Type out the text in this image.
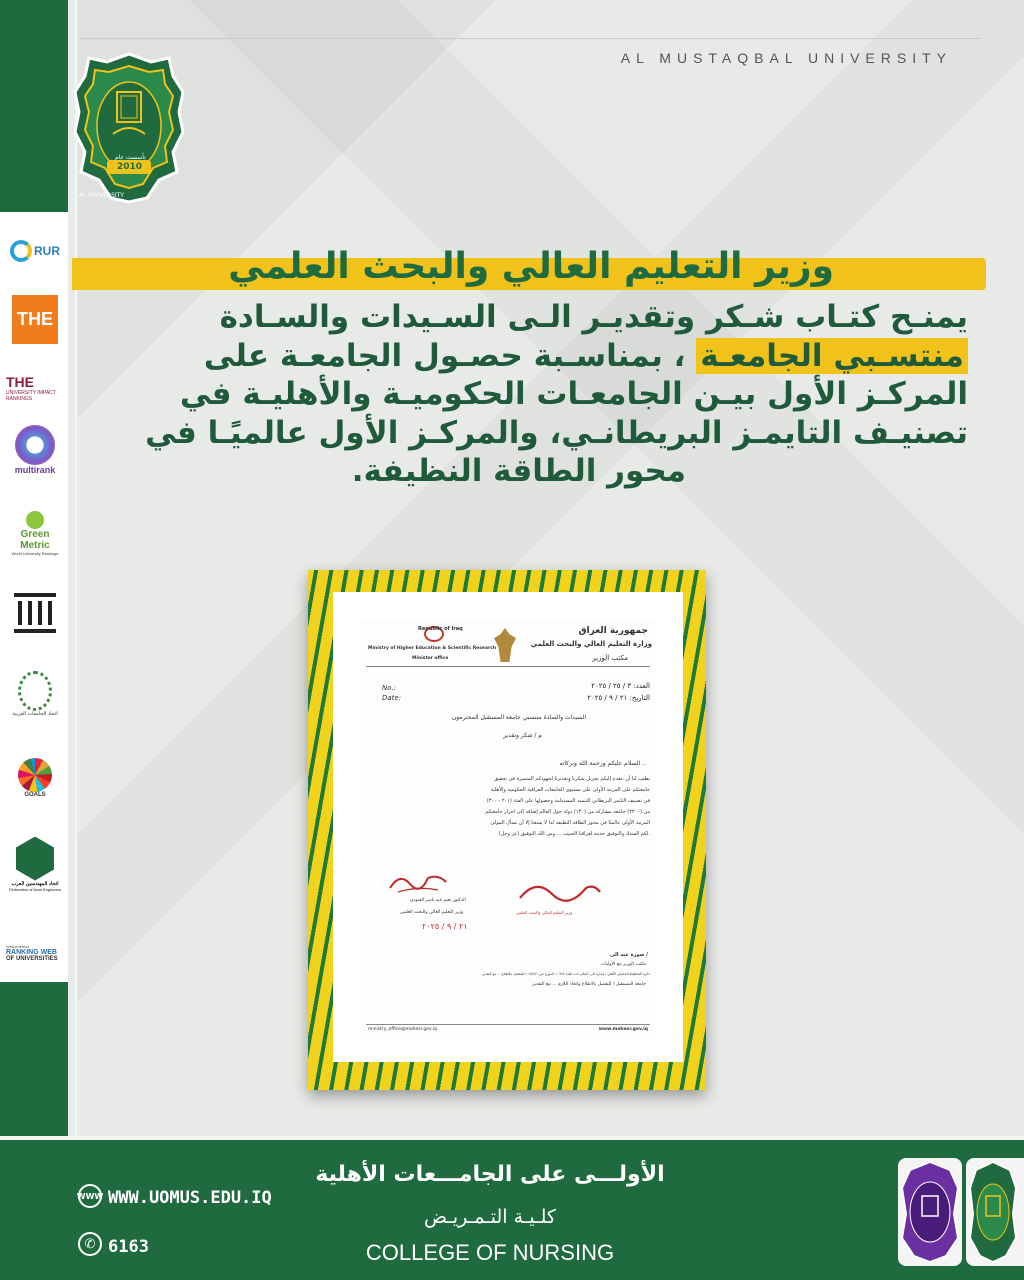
AL MUSTAQBAL UNIVERSITY
تأسست عام
2010
AL UNIVERSITY
RUR
THE
THE
UNIVERSITY IMPACT RANKINGS
multirank
Green Metric
World University Rankings
اتحاد الجامعات العربية
GOALS
اتحاد المهندسين العرب
Federation of Arab Engineers
Webometrics
RANKING WEB
OF UNIVERSITIES
وزير التعليم العالي والبحث العلمي
يمنـح كتـاب شـكر وتقديـر الـى السـيدات والسـادة
منتسـبي الجامعـة ، بمناسـبة حصـول الجامعـة على
المركـز الأول بيـن الجامعـات الحكوميـة والأهليـة في
تصنيـف التايمـز البريطانـي، والمركـز الأول عالميًـا في
محور الطاقة النظيفة.
جمهورية العراق
وزارة التعليم العالي والبحث العلمي
مكتب الوزير
Republic of Iraq
Ministry of Higher Education & Scientific Research
Minister office
No.:
Date:
العدد: ٣ / ٢٥ / ٢٠٢٥
التاريخ: ٢١ / ٩ / ٢٠٢٥
السيدات والسادة منتسبي جامعة المستقبل المحترمون
م / شكر وتقدير
السلام عليكم ورحمة الله وبركاته ..
يطيب لنا أن نتقدم إليكم بجزيل شكرنا وتقديرنا لجهودكم المتميزة في تحقيق
جامعتكم على المرتبة الأولى على مستوى الجامعات العراقية الحكومية والأهلية
في تصنيف التايمز البريطاني للتنمية المستدامة وحصولها على الفئة (٢٠١ - ٣٠٠)
من (٢٣٠٠) جامعة مشاركة من (١٣٠) دولة حول العالم إضافة إلى احراز جامعتكم
المرتبة الأولى عالميًا في محور الطاقة النظيفة لذا لا يسعنا إلا أن نسأل المولى
(عز وجل) لكم السداد والتوفيق خدمة لعراقنا الحبيب ... ومن الله التوفيق.
الدكتور نعيم عبد ياسر العبودي
وزير التعليم العالي والبحث العلمي
٢١ / ٩ / ٢٠٢٥
وزير التعليم العالي والبحث العلمي
صورة عنه الى /
مكتب الوزير مع الأوليات
دائرة التخطيط الجامعي الأهلي / إشارة الى كتابكم ذات العدد ١٠٩٢٧ المؤرخ في ٢٠٢٥/٩/١ للتفضل بالاطلاع ... مع التقدير
جامعة المستقبل / للتفضل بالاطلاع واتخاذ اللازم ... مع التقدير
ministry_office@mohesr.gov.iq	www.mohesr.gov.iq
WWW WWW.UOMUS.EDU.IQ
✆ 6163
الأولـــى على الجامـــعات الأهلية
كلـيـة التـمـريـض
COLLEGE OF NURSING
